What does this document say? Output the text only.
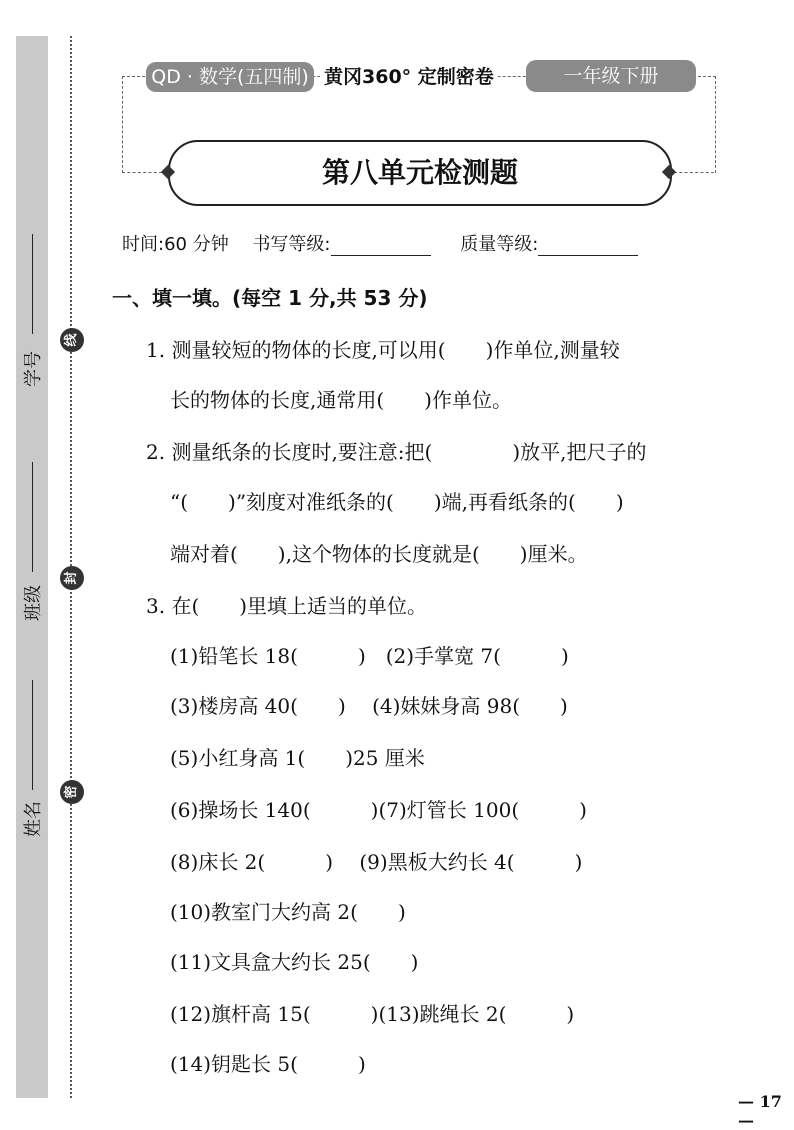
学号
班级
姓名
线
封
密
QD · 数学(五四制) 黄冈360° 定制密卷	一年级下册
第八单元检测题
时间:60 分钟　 书写等级:	质量等级:
一、填一填。(每空 1 分,共 53 分)
1. 测量较短的物体的长度,可以用(　　)作单位,测量较
长的物体的长度,通常用(　　)作单位。
2. 测量纸条的长度时,要注意:把(　　　　)放平,把尺子的
“(　　)”刻度对准纸条的(　　)端,再看纸条的(　　)
端对着(　　),这个物体的长度就是(　　)厘米。
3. 在(　　)里填上适当的单位。
(1)铅笔长 18(　　　)　(2)手掌宽 7(　　　)
(3)楼房高 40(　　)　 (4)妹妹身高 98(　　)
(5)小红身高 1(　　)25 厘米
(6)操场长 140(　　　)(7)灯管长 100(　　　)
(8)床长 2(　　　)　 (9)黑板大约长 4(　　　)
(10)教室门大约高 2(　　)
(11)文具盒大约长 25(　　)
(12)旗杆高 15(　　　)(13)跳绳长 2(　　　)
(14)钥匙长 5(　　　)
— 17 —
